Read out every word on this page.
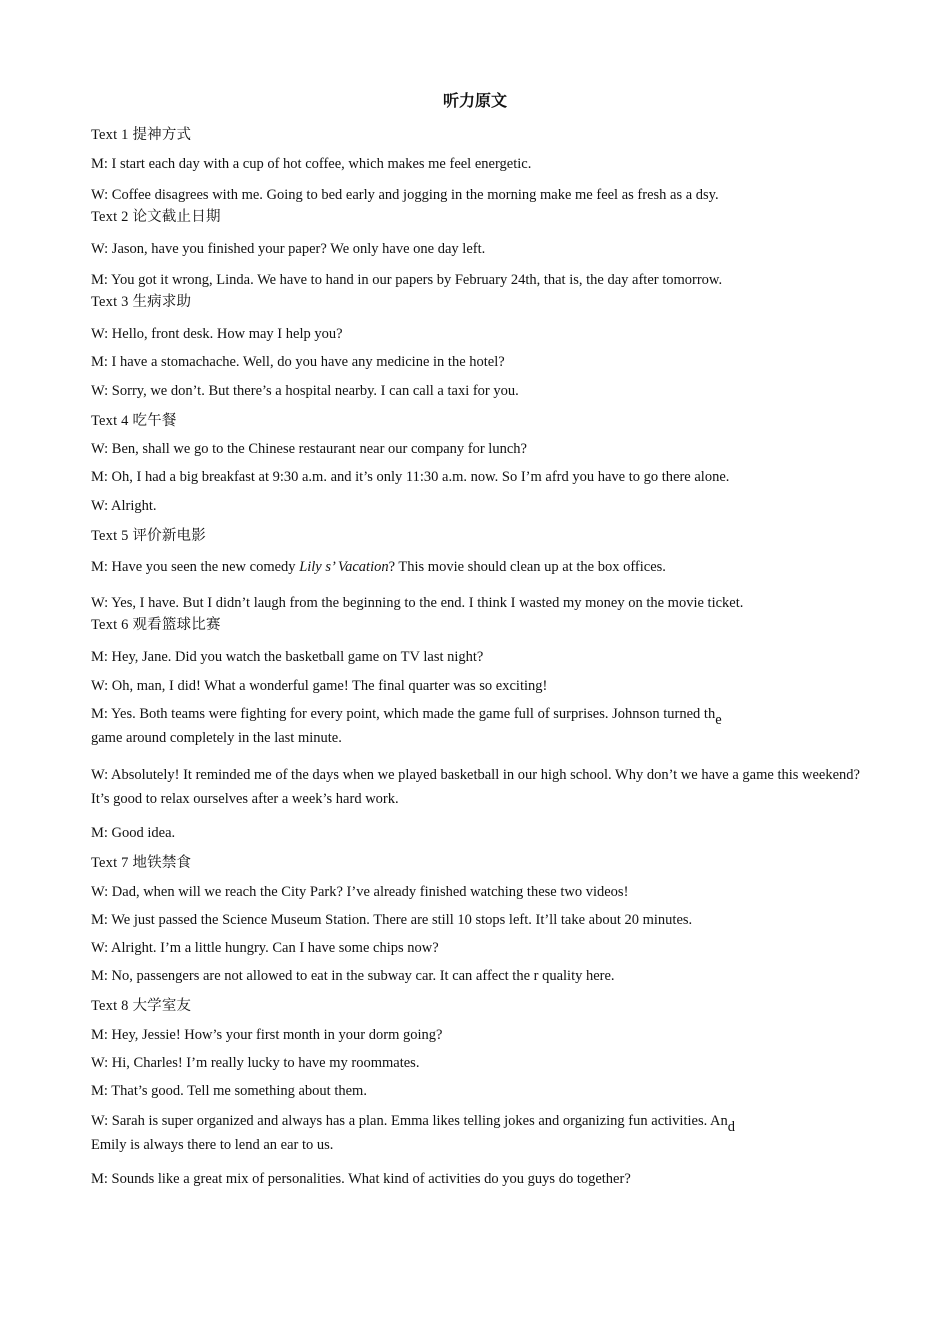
听力原文
Text 1 提神方式
M: I start each day with a cup of hot coffee, which makes me feel energetic.
W: Coffee disagrees with me. Going to bed early and jogging in the morning make me feel as fresh as a dsy.
Text 2 论文截止日期
W: Jason, have you finished your paper? We only have one day left.
M: You got it wrong, Linda. We have to hand in our papers by February 24th, that is, the day after tomorrow.
Text 3 生病求助
W: Hello, front desk. How may I help you?
M: I have a stomachache. Well, do you have any medicine in the hotel?
W: Sorry, we don’t. But there’s a hospital nearby. I can call a taxi for you.
Text 4 吃午餐
W: Ben, shall we go to the Chinese restaurant near our company for lunch?
M: Oh, I had a big breakfast at 9:30 a.m. and it’s only 11:30 a.m. now. So I’m afrd you have to go there alone.
W: Alright.
Text 5 评价新电影
M: Have you seen the new comedy Lily s’ Vacation? This movie should clean up at the box offices.
W: Yes, I have. But I didn’t laugh from the beginning to the end. I think I wasted my money on the movie ticket.
Text 6 观看篮球比赛
M: Hey, Jane. Did you watch the basketball game on TV last night?
W: Oh, man, I did! What a wonderful game! The final quarter was so exciting!
M: Yes. Both teams were fighting for every point, which made the game full of surprises. Johnson turned the
game around completely in the last minute.
W: Absolutely! It reminded me of the days when we played basketball in our high school. Why don’t we have a game this weekend? It’s good to relax ourselves after a week’s hard work.
M: Good idea.
Text 7 地铁禁食
W: Dad, when will we reach the City Park? I’ve already finished watching these two videos!
M: We just passed the Science Museum Station. There are still 10 stops left. It’ll take about 20 minutes.
W: Alright. I’m a little hungry. Can I have some chips now?
M: No, passengers are not allowed to eat in the subway car. It can affect the r quality here.
Text 8 大学室友
M: Hey, Jessie! How’s your first month in your dorm going?
W: Hi, Charles! I’m really lucky to have my roommates.
M: That’s good. Tell me something about them.
W: Sarah is super organized and always has a plan. Emma likes telling jokes and organizing fun activities. And
Emily is always there to lend an ear to us.
M: Sounds like a great mix of personalities. What kind of activities do you guys do together?
